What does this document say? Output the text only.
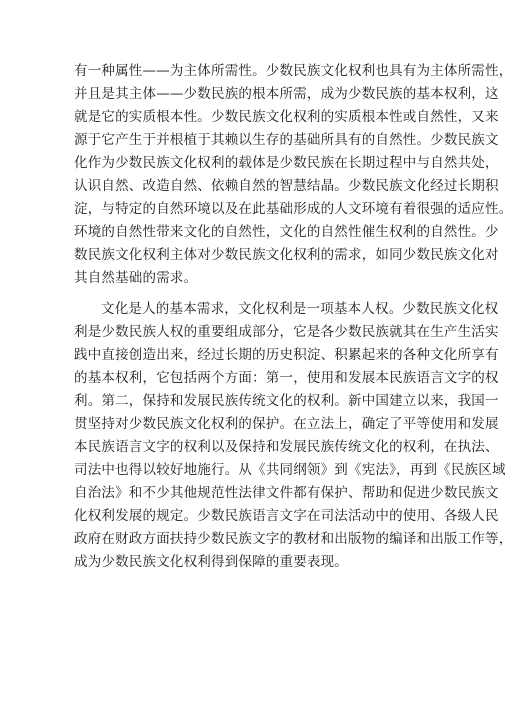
有一种属性——为主体所需性。少数民族文化权利也具有为主体所需性，
并且是其主体——少数民族的根本所需，成为少数民族的基本权利，这
就是它的实质根本性。少数民族文化权利的实质根本性或自然性，又来
源于它产生于并根植于其赖以生存的基础所具有的自然性。少数民族文
化作为少数民族文化权利的载体是少数民族在长期过程中与自然共处，
认识自然、改造自然、依赖自然的智慧结晶。少数民族文化经过长期积
淀，与特定的自然环境以及在此基础形成的人文环境有着很强的适应性。
环境的自然性带来文化的自然性，文化的自然性催生权利的自然性。少
数民族文化权利主体对少数民族文化权利的需求，如同少数民族文化对
其自然基础的需求。
文化是人的基本需求，文化权利是一项基本人权。少数民族文化权
利是少数民族人权的重要组成部分，它是各少数民族就其在生产生活实
践中直接创造出来，经过长期的历史积淀、积累起来的各种文化所享有
的基本权利，它包括两个方面：第一，使用和发展本民族语言文字的权
利。第二，保持和发展民族传统文化的权利。新中国建立以来，我国一
贯坚持对少数民族文化权利的保护。在立法上，确定了平等使用和发展
本民族语言文字的权利以及保持和发展民族传统文化的权利，在执法、
司法中也得以较好地施行。从《共同纲领》到《宪法》，再到《民族区域
自治法》和不少其他规范性法律文件都有保护、帮助和促进少数民族文
化权利发展的规定。少数民族语言文字在司法活动中的使用、各级人民
政府在财政方面扶持少数民族文字的教材和出版物的编译和出版工作等，
成为少数民族文化权利得到保障的重要表现。
